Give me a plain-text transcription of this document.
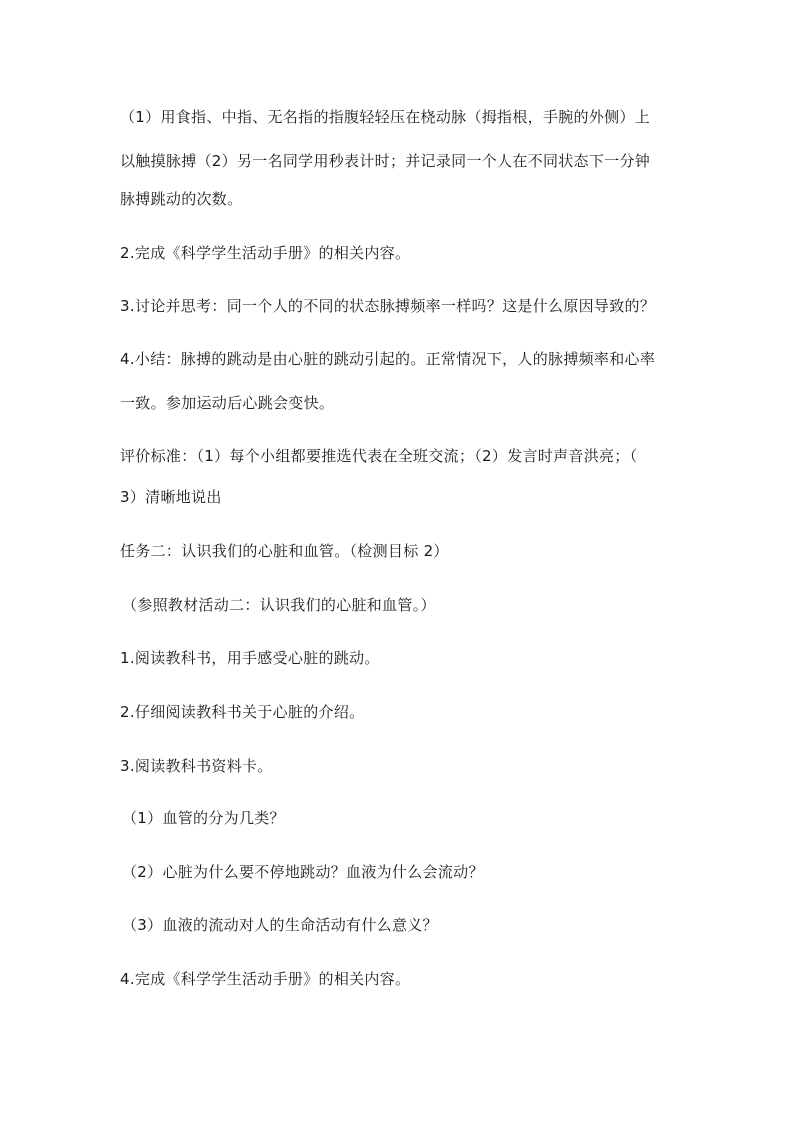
（1）用食指、中指、无名指的指腹轻轻压在桡动脉（拇指根，手腕的外侧）上
以触摸脉搏（2）另一名同学用秒表计时；并记录同一个人在不同状态下一分钟
脉搏跳动的次数。
2.完成《科学学生活动手册》的相关内容。
3.讨论并思考：同一个人的不同的状态脉搏频率一样吗？这是什么原因导致的？
4.小结：脉搏的跳动是由心脏的跳动引起的。正常情况下，人的脉搏频率和心率
一致。参加运动后心跳会变快。
评价标准：（1）每个小组都要推选代表在全班交流；（2）发言时声音洪亮；（
3）清晰地说出
任务二：认识我们的心脏和血管。（检测目标 2）
（参照教材活动二：认识我们的心脏和血管。）
1.阅读教科书，用手感受心脏的跳动。
2.仔细阅读教科书关于心脏的介绍。
3.阅读教科书资料卡。
（1）血管的分为几类？
（2）心脏为什么要不停地跳动？血液为什么会流动？
（3）血液的流动对人的生命活动有什么意义？
4.完成《科学学生活动手册》的相关内容。
